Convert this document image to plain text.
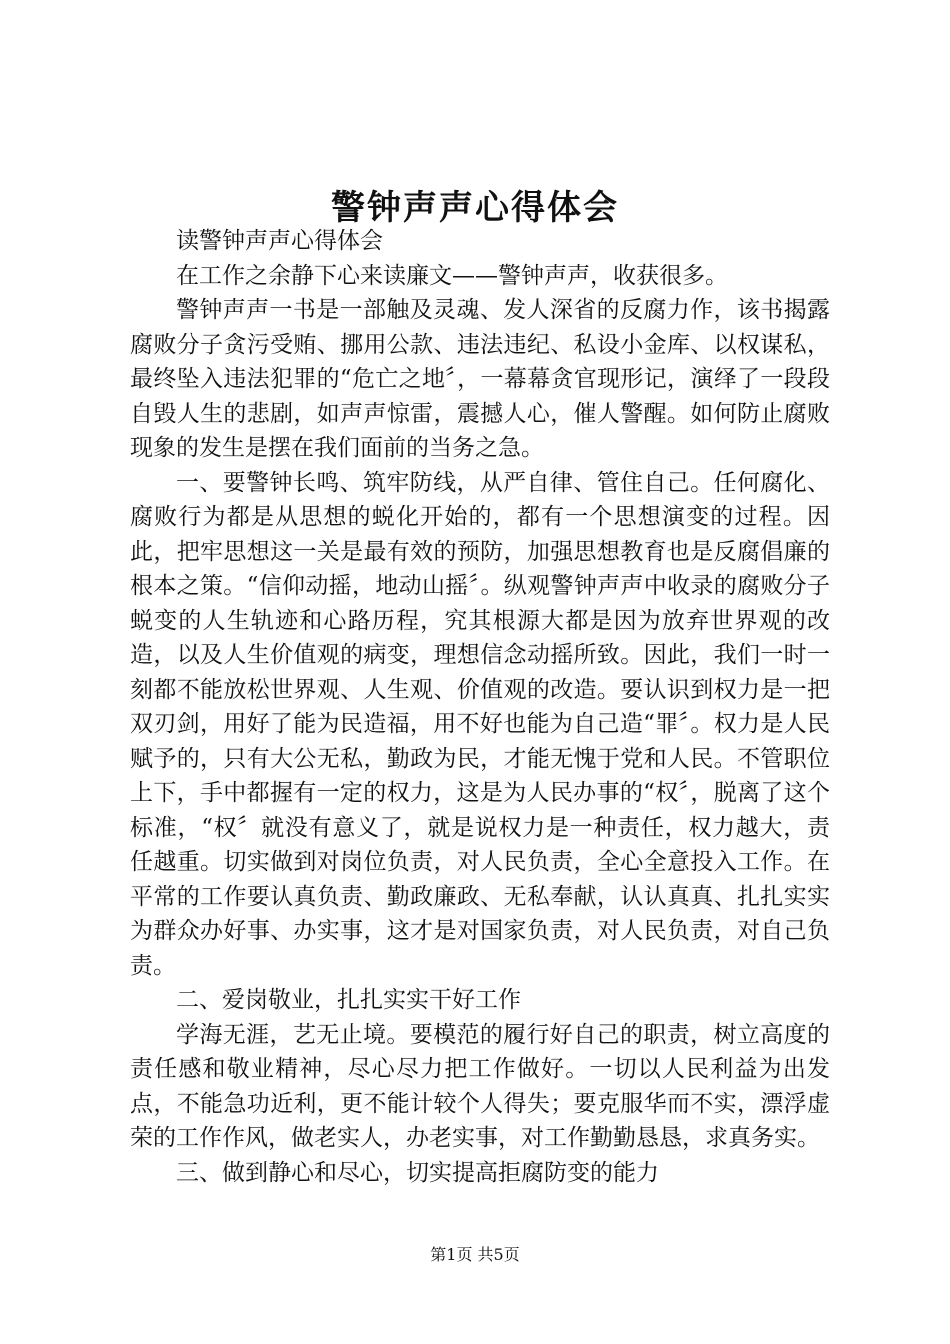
警钟声声心得体会

读警钟声声心得体会

在工作之余静下心来读廉文——警钟声声，收获很多。

警钟声声一书是一部触及灵魂、发人深省的反腐力作，该书揭露腐败分子贪污受贿、挪用公款、违法违纪、私设小金库、以权谋私，最终坠入违法犯罪的“危亡之地〞，一幕幕贪官现形记，演绎了一段段自毁人生的悲剧，如声声惊雷，震撼人心，催人警醒。如何防止腐败现象的发生是摆在我们面前的当务之急。

一、要警钟长鸣、筑牢防线，从严自律、管住自己。任何腐化、腐败行为都是从思想的蜕化开始的，都有一个思想演变的过程。因此，把牢思想这一关是最有效的预防，加强思想教育也是反腐倡廉的根本之策。“信仰动摇，地动山摇〞。纵观警钟声声中收录的腐败分子蜕变的人生轨迹和心路历程，究其根源大都是因为放弃世界观的改造，以及人生价值观的病变，理想信念动摇所致。因此，我们一时一刻都不能放松世界观、人生观、价值观的改造。要认识到权力是一把双刃剑，用好了能为民造福，用不好也能为自己造“罪〞。权力是人民赋予的，只有大公无私，勤政为民，才能无愧于党和人民。不管职位上下，手中都握有一定的权力，这是为人民办事的“权〞，脱离了这个标准，“权〞就没有意义了，就是说权力是一种责任，权力越大，责任越重。切实做到对岗位负责，对人民负责，全心全意投入工作。在平常的工作要认真负责、勤政廉政、无私奉献，认认真真、扎扎实实为群众办好事、办实事，这才是对国家负责，对人民负责，对自己负责。

二、爱岗敬业，扎扎实实干好工作

学海无涯，艺无止境。要模范的履行好自己的职责，树立高度的责任感和敬业精神，尽心尽力把工作做好。一切以人民利益为出发点，不能急功近利，更不能计较个人得失；要克服华而不实，漂浮虚荣的工作作风，做老实人，办老实事，对工作勤勤恳恳，求真务实。

三、做到静心和尽心，切实提高拒腐防变的能力

第1页 共5页
